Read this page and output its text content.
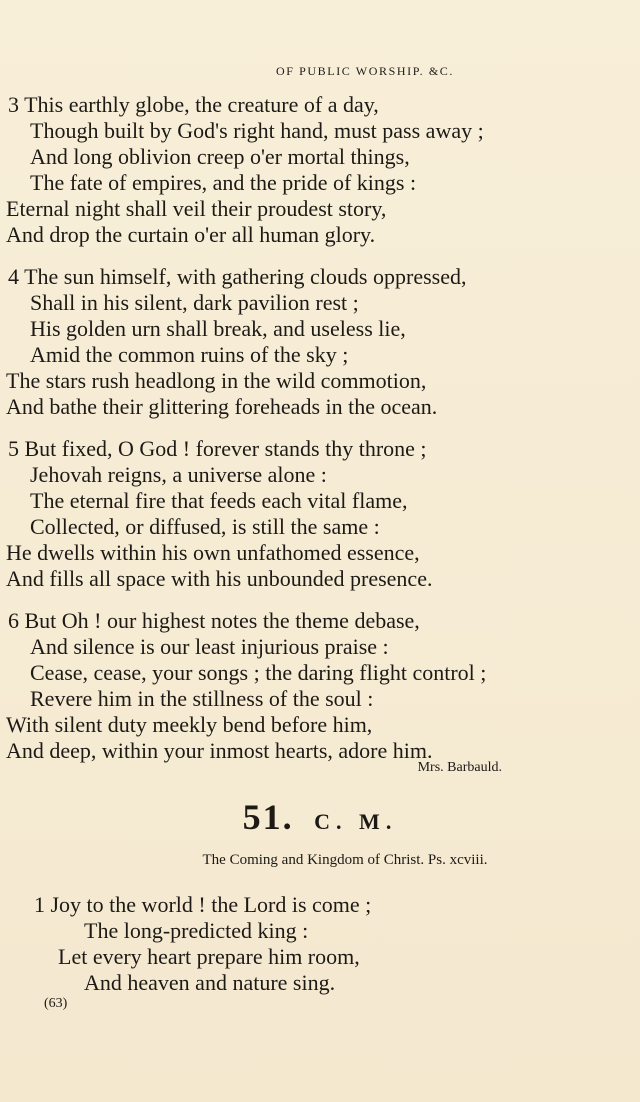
OF PUBLIC WORSHIP. &C.
3 This earthly globe, the creature of a day,
Though built by God's right hand, must pass away ;
And long oblivion creep o'er mortal things,
The fate of empires, and the pride of kings :
Eternal night shall veil their proudest story,
And drop the curtain o'er all human glory.
4 The sun himself, with gathering clouds oppressed,
Shall in his silent, dark pavilion rest ;
His golden urn shall break, and useless lie,
Amid the common ruins of the sky ;
The stars rush headlong in the wild commotion,
And bathe their glittering foreheads in the ocean.
5 But fixed, O God ! forever stands thy throne ;
Jehovah reigns, a universe alone :
The eternal fire that feeds each vital flame,
Collected, or diffused, is still the same :
He dwells within his own unfathomed essence,
And fills all space with his unbounded presence.
6 But Oh ! our highest notes the theme debase,
And silence is our least injurious praise :
Cease, cease, your songs ; the daring flight control ;
Revere him in the stillness of the soul :
With silent duty meekly bend before him,
And deep, within your inmost hearts, adore him.
Mrs. Barbauld.
51. C. M.
The Coming and Kingdom of Christ. Ps. xcviii.
1 Joy to the world ! the Lord is come ;
The long-predicted king :
Let every heart prepare him room,
And heaven and nature sing.
(63)
